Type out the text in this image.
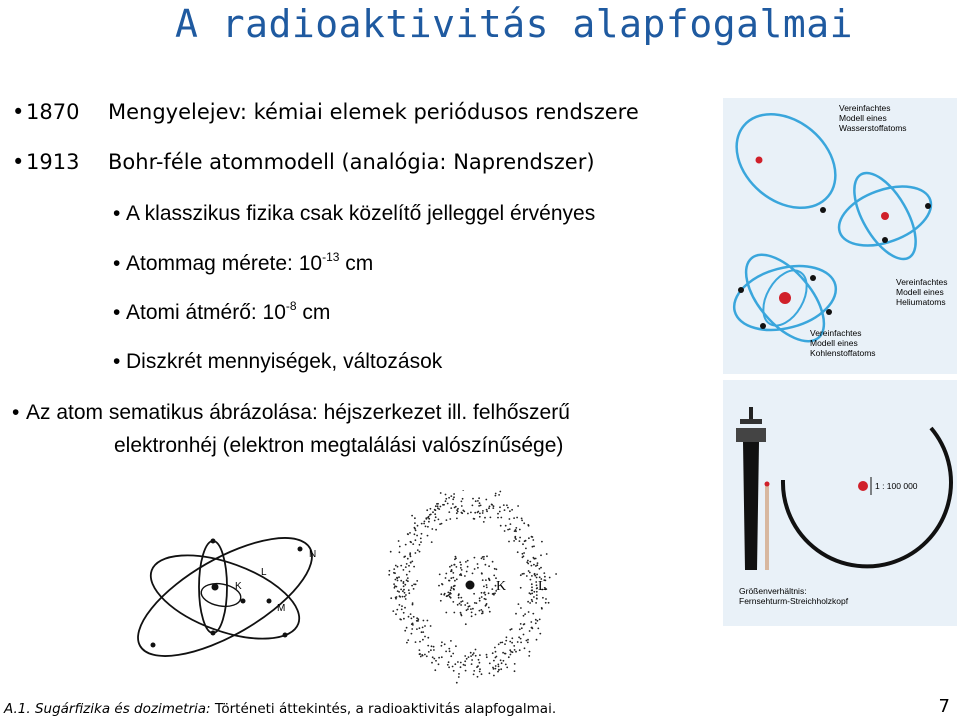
A radioaktivitás alapfogalmai
• 1870 Mengyelejev: kémiai elemek periódusos rendszere
• 1913 Bohr-féle atommodell (analógia: Naprendszer)
• A klasszikus fizika csak közelítő jelleggel érvényes
• Atommag mérete: $10^{-13}$ cm
• Atomi átmérő: $10^{-8}$ cm
• Diszkrét mennyiségek, változások
• Az atom sematikus ábrázolása: héjszerkezet ill. felhőszerű
elektronhéj (elektron megtalálási valószínűsége)
Vereinfachtes
Modell eines
Wasserstoffatoms
Vereinfachtes
Modell eines
Heliumatoms
Vereinfachtes
Modell eines
Kohlenstoffatoms
1 : 100 000
Größenverhältnis:
Fernsehturm-Streichholzkopf
N
L
K
M
K L
A.1. Sugárfizika és dozimetria: Történeti áttekintés, a radioaktivitás alapfogalmai.	7
